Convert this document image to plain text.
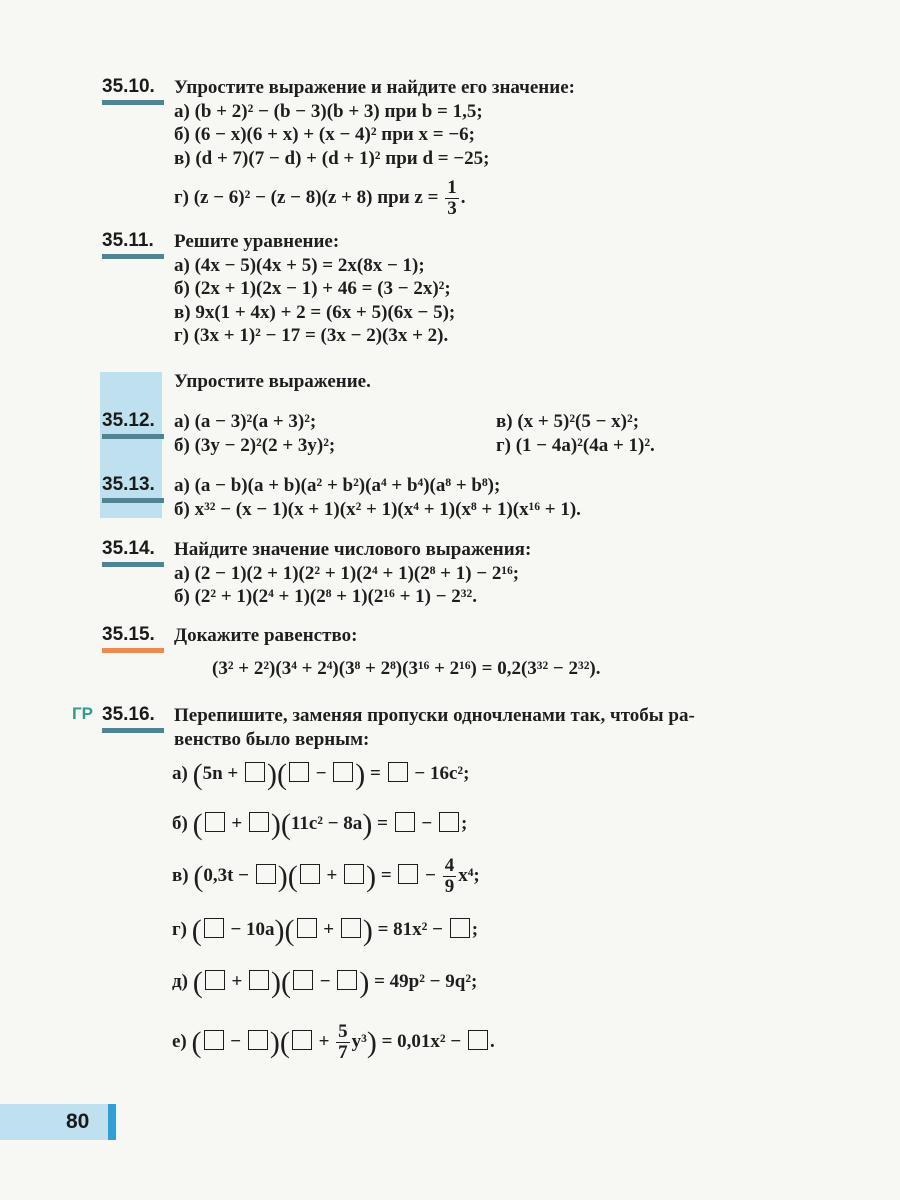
35.10. Упростите выражение и найдите его значение:
а) (b + 2)² − (b − 3)(b + 3) при b = 1,5;
б) (6 − x)(6 + x) + (x − 4)² при x = −6;
в) (d + 7)(7 − d) + (d + 1)² при d = −25;
г) (z − 6)² − (z − 8)(z + 8) при $z = \frac{1}{3}$ .
35.11. Решите уравнение:
а) (4x − 5)(4x + 5) = 2x(8x − 1);
б) (2x + 1)(2x − 1) + 46 = (3 − 2x)²;
в) 9x(1 + 4x) + 2 = (6x + 5)(6x − 5);
г) (3x + 1)² − 17 = (3x − 2)(3x + 2).
Упростите выражение.
35.12. а) (a − 3)²(a + 3)²;	в) (x + 5)²(5 − x)²;
б) (3y − 2)²(2 + 3y)²;	г) (1 − 4a)²(4a + 1)².
35.13. а) (a − b)(a + b)(a² + b²)(a⁴ + b⁴)(a⁸ + b⁸);
б) x³² − (x − 1)(x + 1)(x² + 1)(x⁴ + 1)(x⁸ + 1)(x¹⁶ + 1).
35.14. Найдите значение числового выражения:
а) (2 − 1)(2 + 1)(2² + 1)(2⁴ + 1)(2⁸ + 1) − 2¹⁶;
б) (2² + 1)(2⁴ + 1)(2⁸ + 1)(2¹⁶ + 1) − 2³².
35.15. Докажите равенство:
(3² + 2²)(3⁴ + 2⁴)(3⁸ + 2⁸)(3¹⁶ + 2¹⁶) = 0,2(3³² − 2³²).
ГР 35.16. Перепишите, заменяя пропуски одночленами так, чтобы ра-
венство было верным:
а) (5n + )( − ) = − 16c²;
б) ( + )(11c² − 8a) = − ;
в) (0,3t − )( + ) = − $\frac{4}{9} x^4$;
г) ( − 10a)( + ) = 81x² − ;
д) ( + )( − ) = 49p² − 9q²;
е) ( − )( + $\frac{5}{7} y^3) = 0,01x^2$ − .
80
